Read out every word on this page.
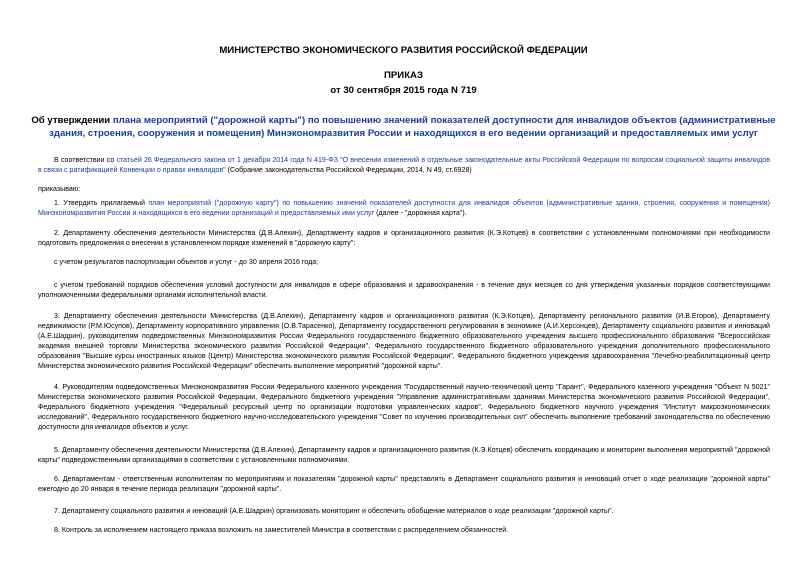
МИНИСТЕРСТВО ЭКОНОМИЧЕСКОГО РАЗВИТИЯ РОССИЙСКОЙ ФЕДЕРАЦИИ
ПРИКАЗ
от 30 сентября 2015 года N 719
Об утверждении плана мероприятий ("дорожной карты") по повышению значений показателей доступности для инвалидов объектов (административные здания, строения, сооружения и помещения) Минэкономразвития России и находящихся в его ведении организаций и предоставляемых ими услуг
В соответствии со статьей 26 Федерального закона от 1 декабря 2014 года N 419-ФЗ "О внесении изменений в отдельные законодательные акты Российской Федерации по вопросам социальной защиты инвалидов в связи с ратификацией Конвенции о правах инвалидов" (Собрание законодательства Российской Федерации, 2014, N 49, ст.6928)
приказываю:
1. Утвердить прилагаемый план мероприятий ("дорожную карту") по повышению значений показателей доступности для инвалидов объектов (административные здания, строения, сооружения и помещения) Минэкономразвития России и находящихся в его ведении организаций и предоставляемых ими услуг (далее - "дорожная карта").
2. Департаменту обеспечения деятельности Министерства (Д.В.Алехин), Департаменту кадров и организационного развития (К.Э.Котцев) в соответствии с установленными полномочиями при необходимости подготовить предложения о внесении в установленном порядке изменений в "дорожную карту":
с учетом результатов паспортизации объектов и услуг - до 30 апреля 2016 года;
с учетом требований порядков обеспечения условий доступности для инвалидов в сфере образования и здравоохранения - в течение двух месяцев со дня утверждения указанных порядков соответствующими уполномоченными федеральными органами исполнительной власти.
3. Департаменту обеспечения деятельности Министерства (Д.В.Алехин), Департаменту кадров и организационного развития (К.Э.Котцев), Департаменту регионального развития (И.В.Егоров), Департаменту недвижимости (Р.М.Юсупов), Департаменту корпоративного управления (О.В.Тарасенко), Департаменту государственного регулирования в экономике (А.И.Херсонцев), Департаменту социального развития и инноваций (А.Е.Шадрин), руководителям подведомственных Минэкономразвития России Федерального государственного бюджетного образовательного учреждения высшего профессионального образования "Всероссийская академия внешней торговли Министерства экономического развития Российской Федерации", Федерального государственного бюджетного образовательного учреждения дополнительного профессионального образования "Высшие курсы иностранных языков (Центр) Министерства экономического развития Российской Федерации", Федерального бюджетного учреждения здравоохранения "Лечебно-реабилитационный центр Министерства экономического развития Российской Федерации" обеспечить выполнение мероприятий "дорожной карты".
4. Руководителям подведомственных Минэкономразвития России Федерального казенного учреждения "Государственный научно-технический центр "Гарант", Федерального казенного учреждения "Объект N 5021" Министерства экономического развития Российской Федерации, Федерального бюджетного учреждения "Управление административными зданиями Министерства экономического развития Российской Федерации", Федерального бюджетного учреждения "Федеральный ресурсный центр по организации подготовки управленческих кадров", Федерального бюджетного научного учреждения "Институт макроэкономических исследований", Федерального государственного бюджетного научно-исследовательского учреждения "Совет по изучению производительных сил" обеспечить выполнение требований законодательства по обеспечению доступности для инвалидов объектов и услуг.
5. Департаменту обеспечения деятельности Министерства (Д.В.Алехин), Департаменту кадров и организационного развития (К.Э.Котцев) обеспечить координацию и мониторинг выполнения мероприятий "дорожной карты" подведомственными организациями в соответствии с установленными полномочиями.
6. Департаментам - ответственным исполнителям по мероприятиям и показателям "дорожной карты" представлять в Департамент социального развития и инноваций отчет о ходе реализации "дорожной карты" ежегодно до 20 января в течение периода реализации "дорожной карты".
7. Департаменту социального развития и инноваций (А.Е.Шадрин) организовать мониторинг и обеспечить обобщение материалов о ходе реализации "дорожной карты".
8. Контроль за исполнением настоящего приказа возложить на заместителей Министра в соответствии с распределением обязанностей.
